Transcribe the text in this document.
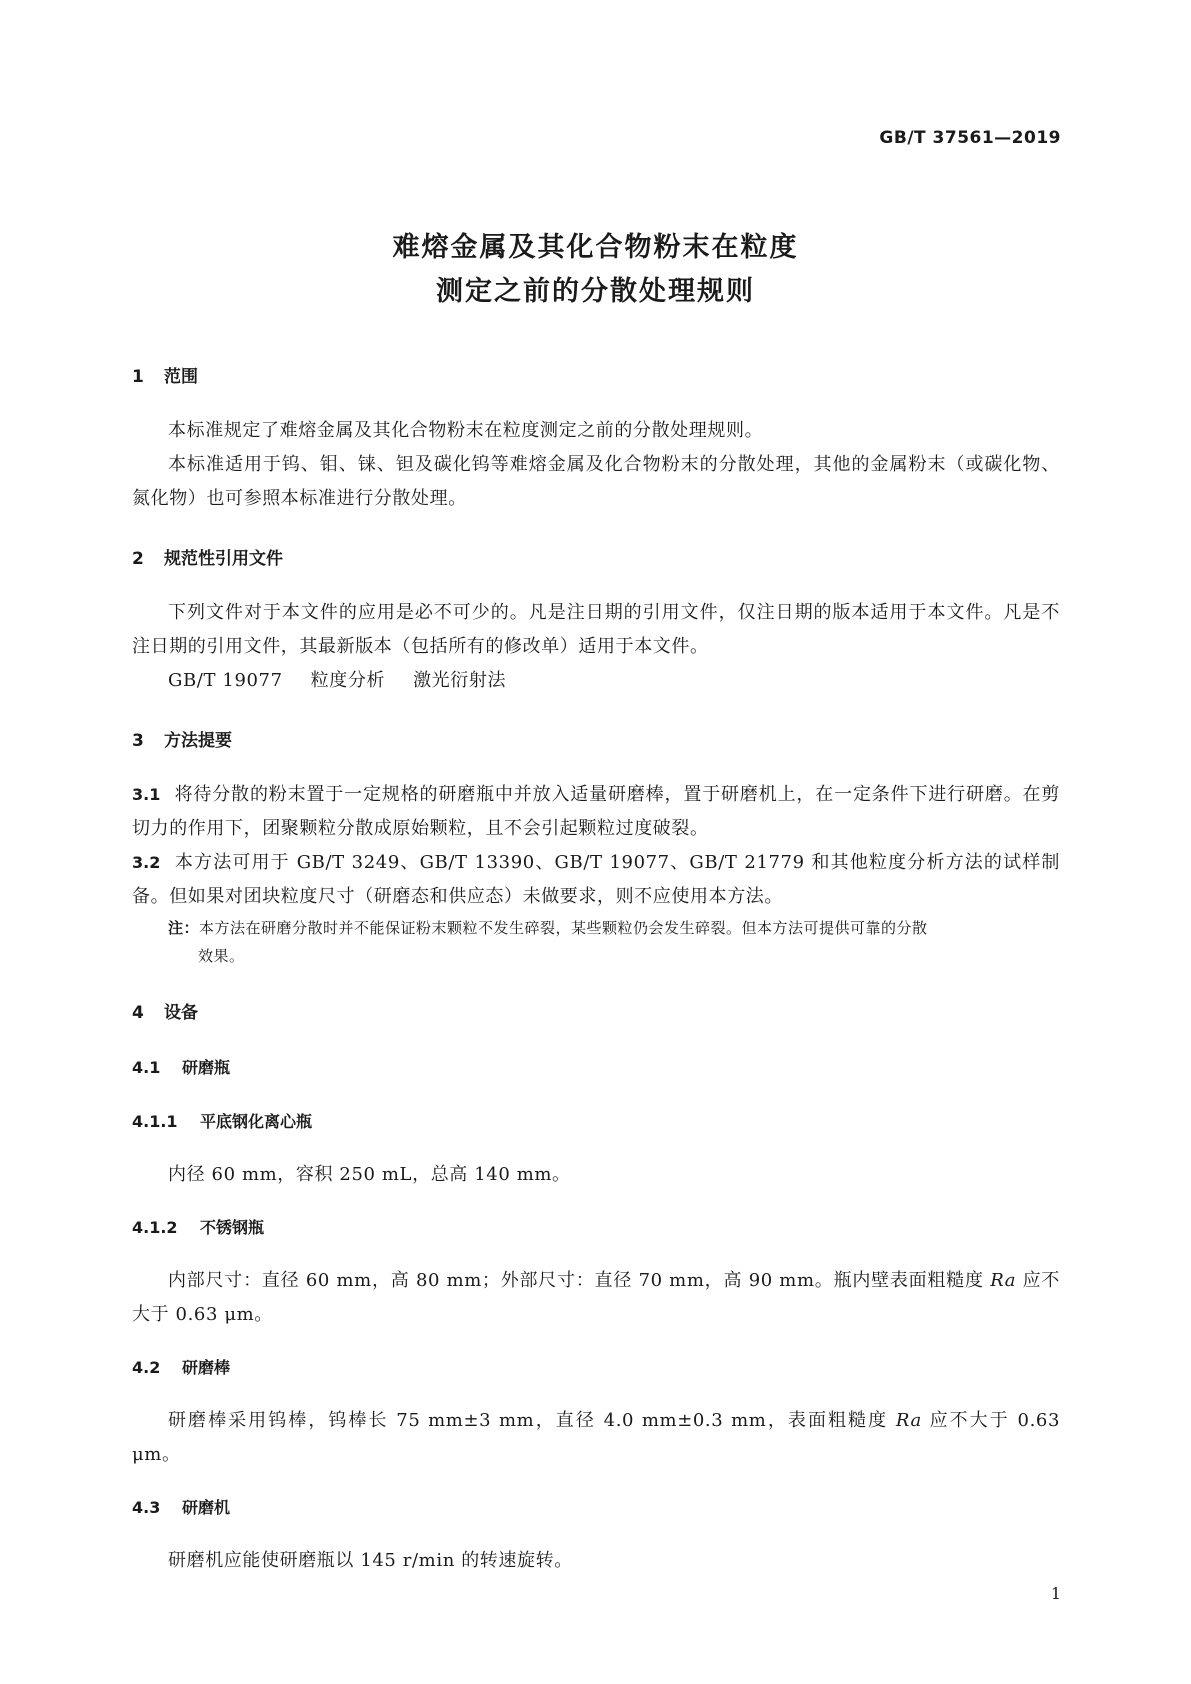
GB/T 37561—2019
难熔金属及其化合物粉末在粒度
测定之前的分散处理规则
1 范围

本标准规定了难熔金属及其化合物粉末在粒度测定之前的分散处理规则。

本标准适用于钨、钼、铼、钽及碳化钨等难熔金属及化合物粉末的分散处理，其他的金属粉末（或碳化物、氮化物）也可参照本标准进行分散处理。

2 规范性引用文件

下列文件对于本文件的应用是必不可少的。凡是注日期的引用文件，仅注日期的版本适用于本文件。凡是不注日期的引用文件，其最新版本（包括所有的修改单）适用于本文件。

GB/T 19077 粒度分析 激光衍射法

3 方法提要

3.1 将待分散的粉末置于一定规格的研磨瓶中并放入适量研磨棒，置于研磨机上，在一定条件下进行研磨。在剪切力的作用下，团聚颗粒分散成原始颗粒，且不会引起颗粒过度破裂。

3.2 本方法可用于 GB/T 3249、GB/T 13390、GB/T 19077、GB/T 21779 和其他粒度分析方法的试样制备。但如果对团块粒度尺寸（研磨态和供应态）未做要求，则不应使用本方法。

注：本方法在研磨分散时并不能保证粉末颗粒不发生碎裂，某些颗粒仍会发生碎裂。但本方法可提供可靠的分散
效果。
4 设备
4.1 研磨瓶
4.1.1 平底钢化离心瓶

内径 60 mm，容积 250 mL，总高 140 mm。

4.1.2 不锈钢瓶

内部尺寸：直径 60 mm，高 80 mm；外部尺寸：直径 70 mm，高 90 mm。瓶内壁表面粗糙度 Ra 应不大于 0.63 μm。

4.2 研磨棒

研磨棒采用钨棒，钨棒长 75 mm±3 mm，直径 4.0 mm±0.3 mm，表面粗糙度 Ra 应不大于 0.63 μm。

4.3 研磨机

研磨机应能使研磨瓶以 145 r/min 的转速旋转。

1
